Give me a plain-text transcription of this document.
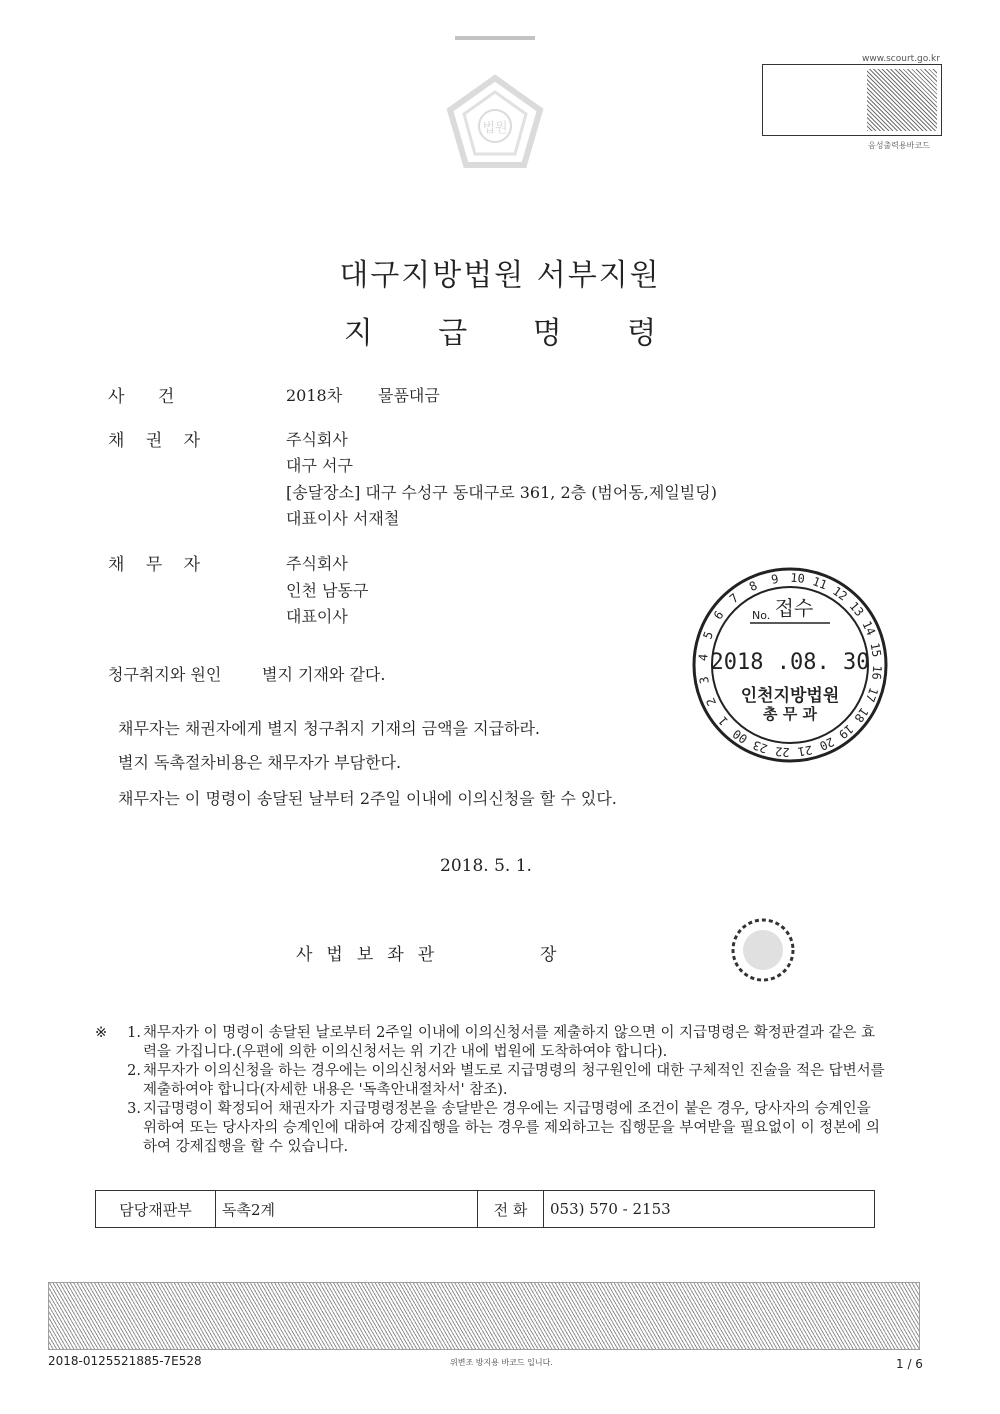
법원
www.scourt.go.kr
음성출력용바코드
대구지방법원 서부지원
지 급 명 령
사 건	2018차 물품대금
채 권 자	주식회사
대구 서구
[송달장소] 대구 수성구 동대구로 361, 2층 (범어동,제일빌딩)
대표이사 서재철
채 무 자	주식회사
인천 남동구
대표이사
청구취지와 원인	별지 기재와 같다.
채무자는 채권자에게 별지 청구취지 기재의 금액을 지급하라.
별지 독촉절차비용은 채무자가 부담한다.
채무자는 이 명령이 송달된 날부터 2주일 이내에 이의신청을 할 수 있다.
11
12
13
14
15
16
17
18
19
20
21
22
23
00
1
2
3
4
5
6
7
8 9 10
No. 접수
2018 .08. 30
인천지방법원
총 무 과
2018. 5. 1.
사법보좌관	장
※	1. 채무자가 이 명령이 송달된 날로부터 2주일 이내에 이의신청서를 제출하지 않으면 이 지급명령은 확정판결과 같은 효력을 가집니다.(우편에 의한 이의신청서는 위 기간 내에 법원에 도착하여야 합니다).
2. 채무자가 이의신청을 하는 경우에는 이의신청서와 별도로 지급명령의 청구원인에 대한 구체적인 진술을 적은 답변서를 제출하여야 합니다(자세한 내용은 '독촉안내절차서' 참조).
3. 지급명령이 확정되어 채권자가 지급명령정본을 송달받은 경우에는 지급명령에 조건이 붙은 경우, 당사자의 승계인을 위하여 또는 당사자의 승계인에 대하여 강제집행을 하는 경우를 제외하고는 집행문을 부여받을 필요없이 이 정본에 의하여 강제집행을 할 수 있습니다.
담당재판부	독촉2계	전 화	053) 570 - 2153
2018-0125521885-7E528	위변조 방지용 바코드 입니다.	1 / 6
